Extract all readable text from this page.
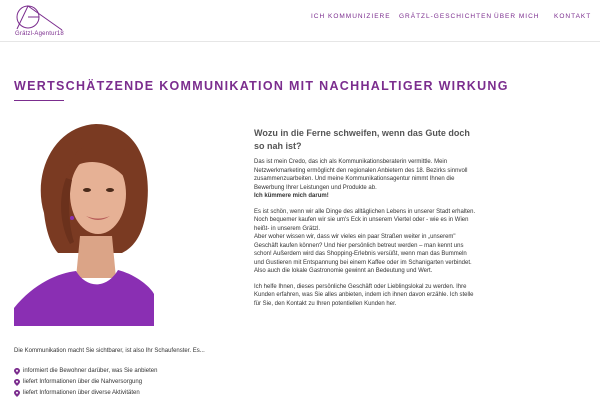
Grätzl-Agentur18
ICH KOMMUNIZIERE GRÄTZL-GESCHICHTEN ÜBER MICH KONTAKT
WERTSCHÄTZENDE KOMMUNIKATION MIT NACHHALTIGER WIRKUNG
Wozu in die Ferne schweifen, wenn das Gute doch so nah ist?

Das ist mein Credo, das ich als Kommunikationsberaterin vermittle. Mein Netzwerkmarketing ermöglicht den regionalen Anbietern des 18. Bezirks sinnvoll zusammenzuarbeiten. Und meine Kommunikationsagentur nimmt Ihnen die Bewerbung Ihrer Leistungen und Produkte ab.
Ich kümmere mich darum!

Es ist schön, wenn wir alle Dinge des alltäglichen Lebens in unserer Stadt erhalten. Noch bequemer kaufen wir sie um's Eck in unserem Viertel oder - wie es in Wien heißt- in unserem Grätzl.
Aber woher wissen wir, dass wir vieles ein paar Straßen weiter in „unserem" Geschäft kaufen können? Und hier persönlich betreut werden – man kennt uns schon! Außerdem wird das Shopping-Erlebnis versüßt, wenn man das Bummeln und Gustieren mit Entspannung bei einem Kaffee oder im Schanigarten verbindet. Also auch die lokale Gastronomie gewinnt an Bedeutung und Wert.

Ich helfe Ihnen, dieses persönliche Geschäft oder Lieblingslokal zu werden. Ihre Kunden erfahren, was Sie alles anbieten, indem ich ihnen davon erzähle. Ich stelle für Sie, den Kontakt zu Ihren potentiellen Kunden her.

Die Kommunikation macht Sie sichtbarer, ist also Ihr Schaufenster. Es...

informiert die Bewohner darüber, was Sie anbieten
liefert Informationen über die Nahversorgung
liefert Informationen über diverse Aktivitäten
